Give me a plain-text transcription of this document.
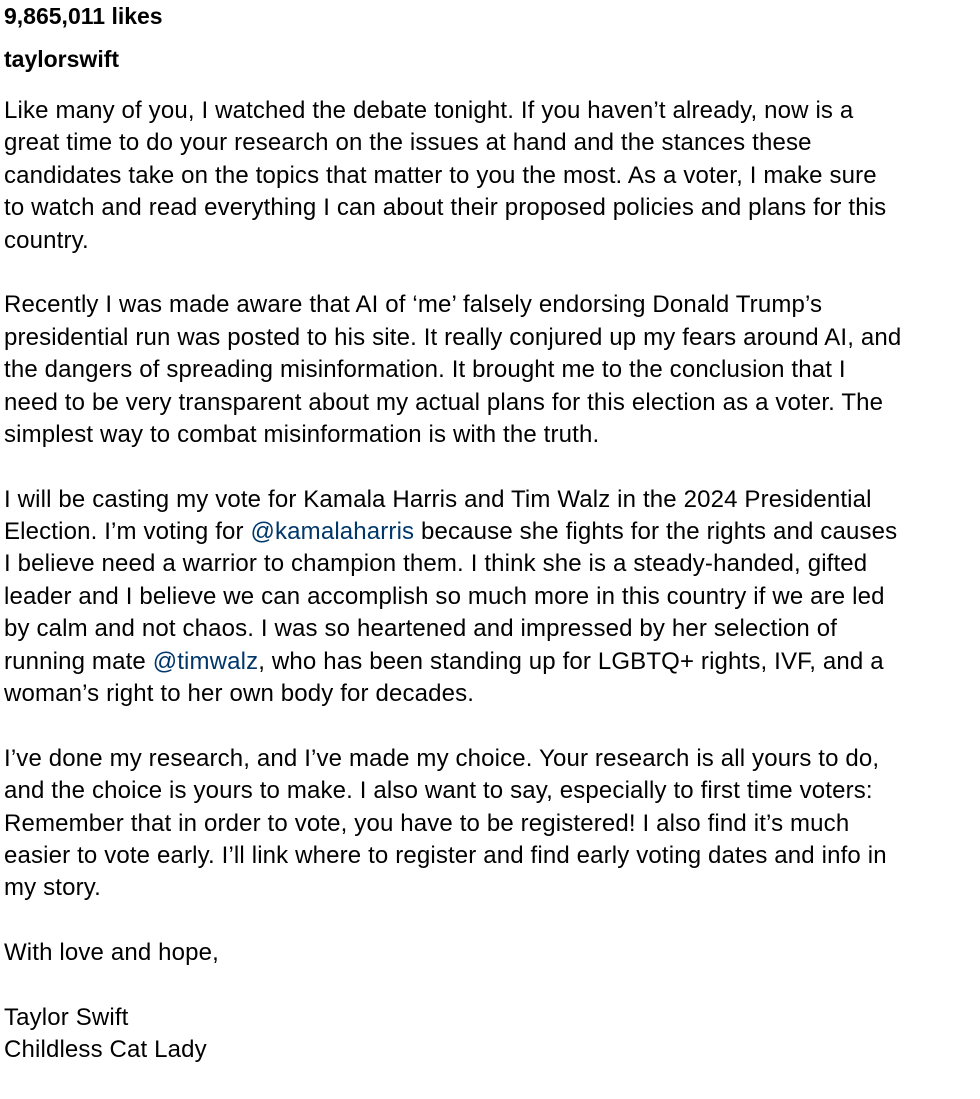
9,865,011 likes
taylorswift
Like many of you, I watched the debate tonight. If you haven’t already, now is a
great time to do your research on the issues at hand and the stances these
candidates take on the topics that matter to you the most. As a voter, I make sure
to watch and read everything I can about their proposed policies and plans for this
country.
Recently I was made aware that AI of ‘me’ falsely endorsing Donald Trump’s
presidential run was posted to his site. It really conjured up my fears around AI, and
the dangers of spreading misinformation. It brought me to the conclusion that I
need to be very transparent about my actual plans for this election as a voter. The
simplest way to combat misinformation is with the truth.
I will be casting my vote for Kamala Harris and Tim Walz in the 2024 Presidential
Election. I’m voting for @kamalaharris because she fights for the rights and causes
I believe need a warrior to champion them. I think she is a steady-handed, gifted
leader and I believe we can accomplish so much more in this country if we are led
by calm and not chaos. I was so heartened and impressed by her selection of
running mate @timwalz, who has been standing up for LGBTQ+ rights, IVF, and a
woman’s right to her own body for decades.
I’ve done my research, and I’ve made my choice. Your research is all yours to do,
and the choice is yours to make. I also want to say, especially to first time voters:
Remember that in order to vote, you have to be registered! I also find it’s much
easier to vote early. I’ll link where to register and find early voting dates and info in
my story.
With love and hope,
Taylor Swift
Childless Cat Lady
